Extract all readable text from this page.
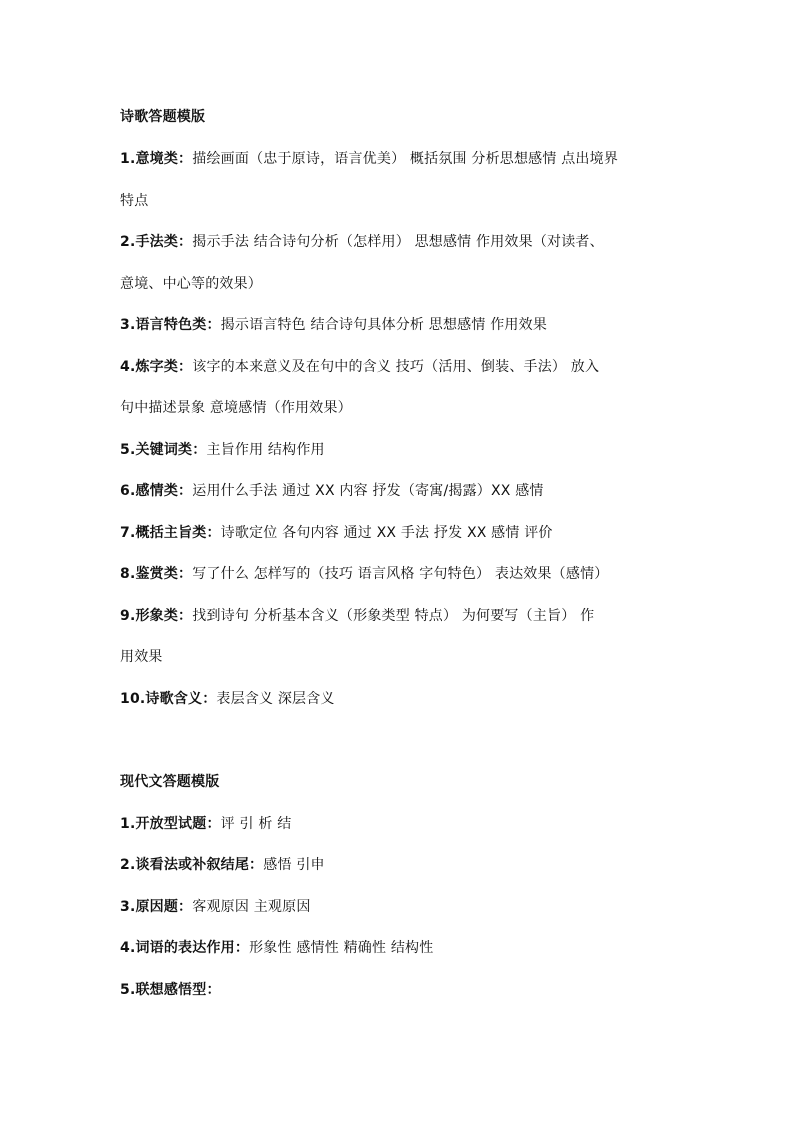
诗歌答题模版
1.意境类：描绘画面（忠于原诗，语言优美） 概括氛围 分析思想感情 点出境界
特点
2.手法类：揭示手法 结合诗句分析（怎样用） 思想感情 作用效果（对读者、
意境、中心等的效果）
3.语言特色类：揭示语言特色 结合诗句具体分析 思想感情 作用效果
4.炼字类：该字的本来意义及在句中的含义 技巧（活用、倒装、手法） 放入
句中描述景象 意境感情（作用效果）
5.关键词类：主旨作用 结构作用
6.感情类：运用什么手法 通过 XX 内容 抒发（寄寓/揭露）XX 感情
7.概括主旨类：诗歌定位 各句内容 通过 XX 手法 抒发 XX 感情 评价
8.鉴赏类：写了什么 怎样写的（技巧 语言风格 字句特色） 表达效果（感情）
9.形象类：找到诗句 分析基本含义（形象类型 特点） 为何要写（主旨） 作
用效果
10.诗歌含义：表层含义 深层含义
现代文答题模版
1.开放型试题：评 引 析 结
2.谈看法或补叙结尾：感悟 引申
3.原因题：客观原因 主观原因
4.词语的表达作用：形象性 感情性 精确性 结构性
5.联想感悟型：
